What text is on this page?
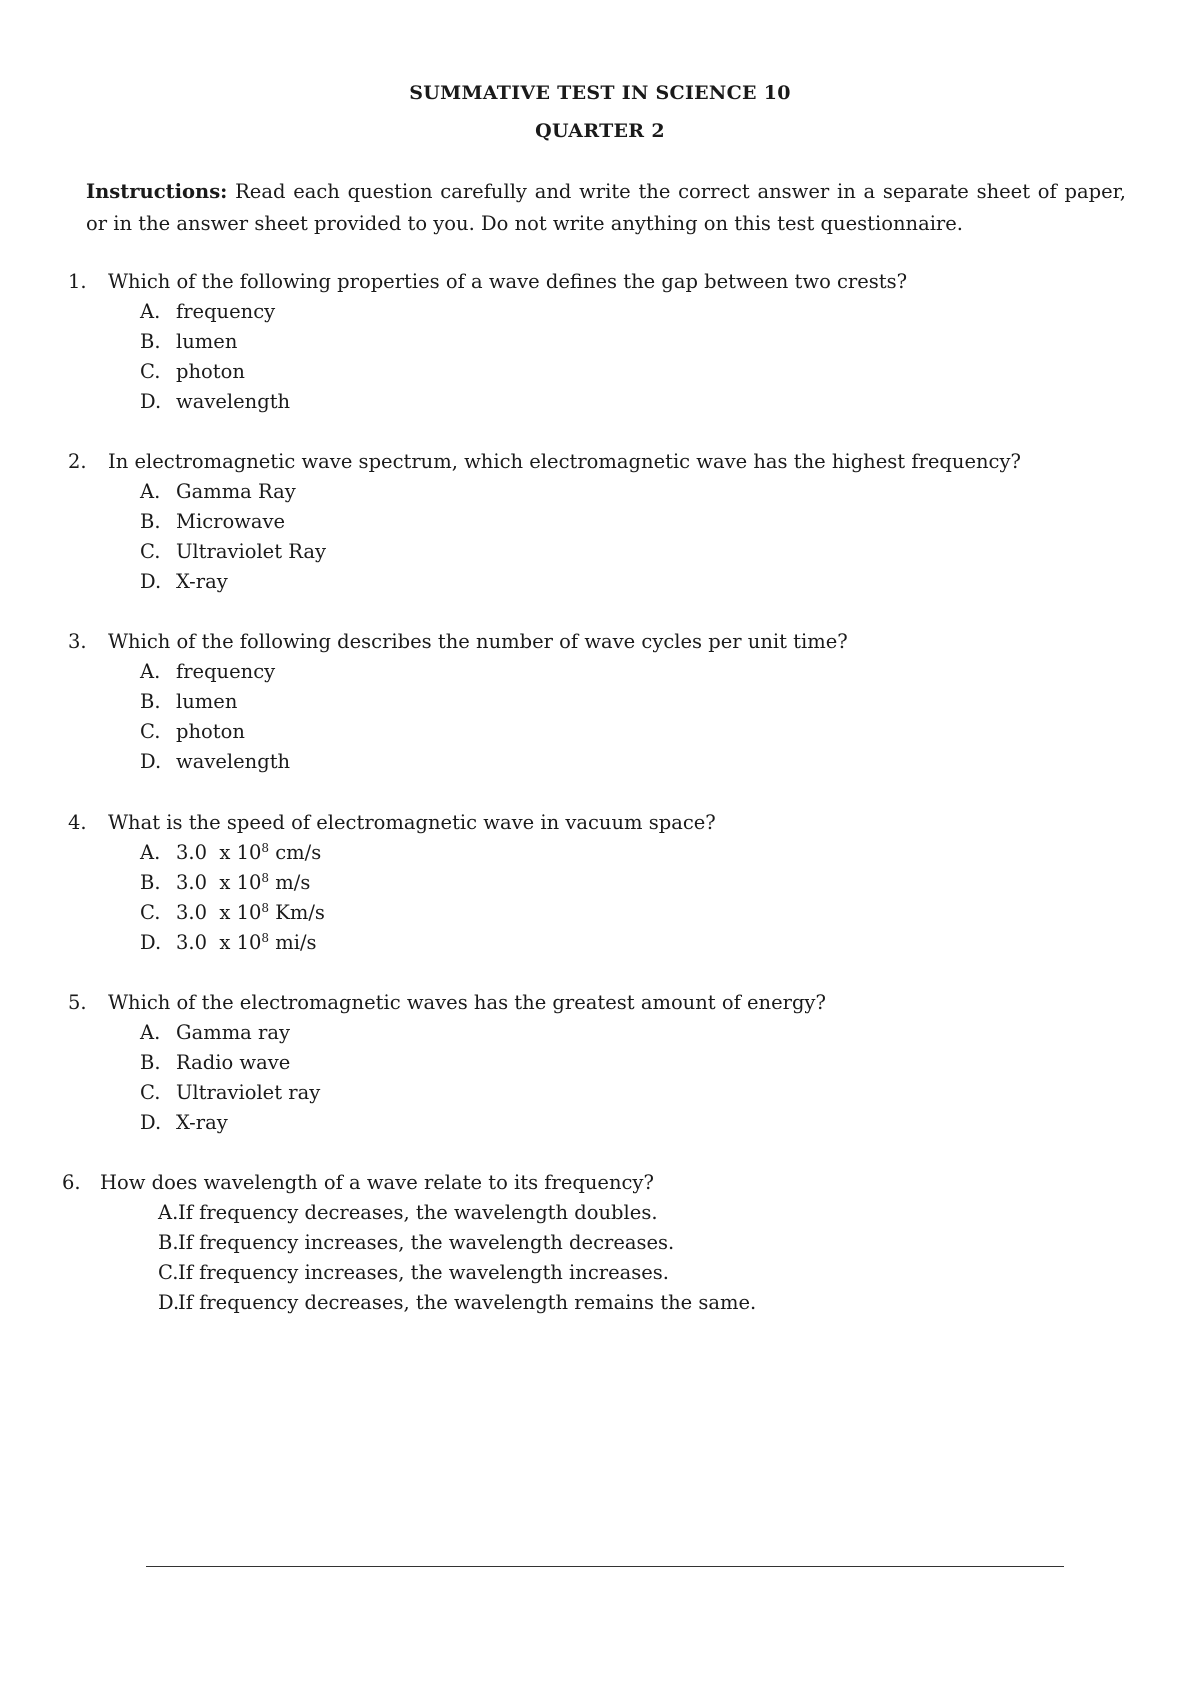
SUMMATIVE TEST IN SCIENCE 10
QUARTER 2
Instructions: Read each question carefully and write the correct answer in a separate sheet of paper, or in the answer sheet provided to you. Do not write anything on this test questionnaire.
1. Which of the following properties of a wave defines the gap between two crests?
A. frequency
B. lumen
C. photon
D. wavelength
2. In electromagnetic wave spectrum, which electromagnetic wave has the highest frequency?
A. Gamma Ray
B. Microwave
C. Ultraviolet Ray
D. X-ray
3. Which of the following describes the number of wave cycles per unit time?
A. frequency
B. lumen
C. photon
D. wavelength
4. What is the speed of electromagnetic wave in vacuum space?
A. 3.0  x $10^8$ cm/s
B. 3.0  x $10^8$ m/s
C. 3.0  x $10^8$ Km/s
D. 3.0  x $10^8$ mi/s
5. Which of the electromagnetic waves has the greatest amount of energy?
A. Gamma ray
B. Radio wave
C. Ultraviolet ray
D. X-ray
6. How does wavelength of a wave relate to its frequency?
A. If frequency decreases, the wavelength doubles.
B. If frequency increases, the wavelength decreases.
C. If frequency increases, the wavelength increases.
D.
If frequency decreases, the wavelength remains the same.
